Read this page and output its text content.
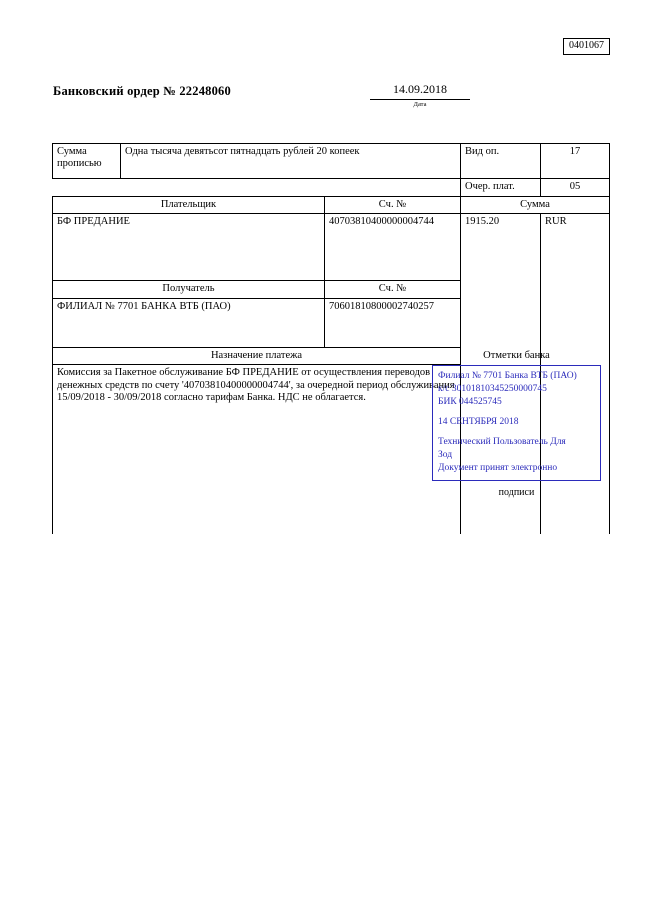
0401067
Банковский ордер № 22248060	14.09.2018
Дата
Сумма
прописью	Одна тысяча девятьсот пятнадцать рублей 20 копеек		Вид оп.	17
			Очер. плат.	05
Плательщик		Сч. №	Сумма	
БФ ПРЕДАНИЕ		40703810400000004744	1915.20	RUR
Получатель		Сч. №		
ФИЛИАЛ № 7701 БАНКА ВТБ (ПАО)		70601810800002740257		
Назначение платежа				
Комиссия за Пакетное обслуживание БФ ПРЕДАНИЕ от осуществления переводов денежных средств по счету '40703810400000004744', за очередной период обслуживания 15/09/2018 - 30/09/2018 согласно тарифам Банка. НДС не облагается.				

Отметки банка
Филиал № 7701 Банка ВТБ (ПАО)
к/с 30101810345250000745
БИК 044525745
14 СЕНТЯБРЯ 2018
Технический Пользователь Для
Зод
Документ принят электронно
подписи
